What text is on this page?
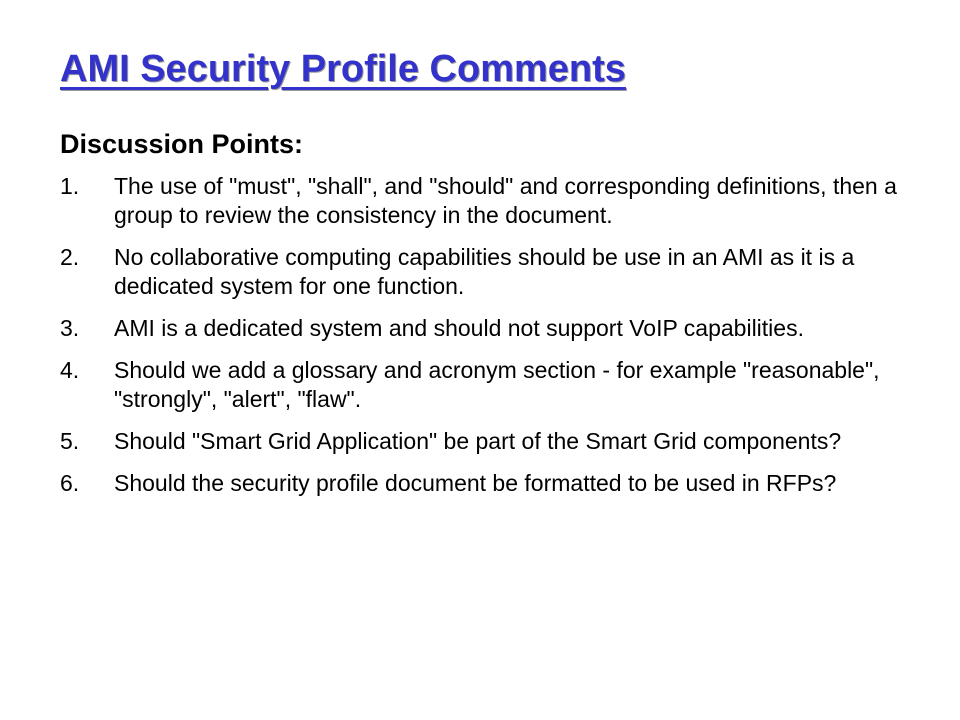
AMI Security Profile Comments
Discussion Points:
1.	The use of "must", "shall", and "should" and corresponding definitions, then a group to review the consistency in the document.
2.	No collaborative computing capabilities should be use in an AMI as it is a dedicated system for one function.
3.	AMI is a dedicated system and should not support VoIP capabilities.
4.	Should we add a glossary and acronym section - for example "reasonable", "strongly", "alert", "flaw".
5.	Should "Smart Grid Application" be part of the Smart Grid components?
6.	Should the security profile document be formatted to be used in RFPs?
